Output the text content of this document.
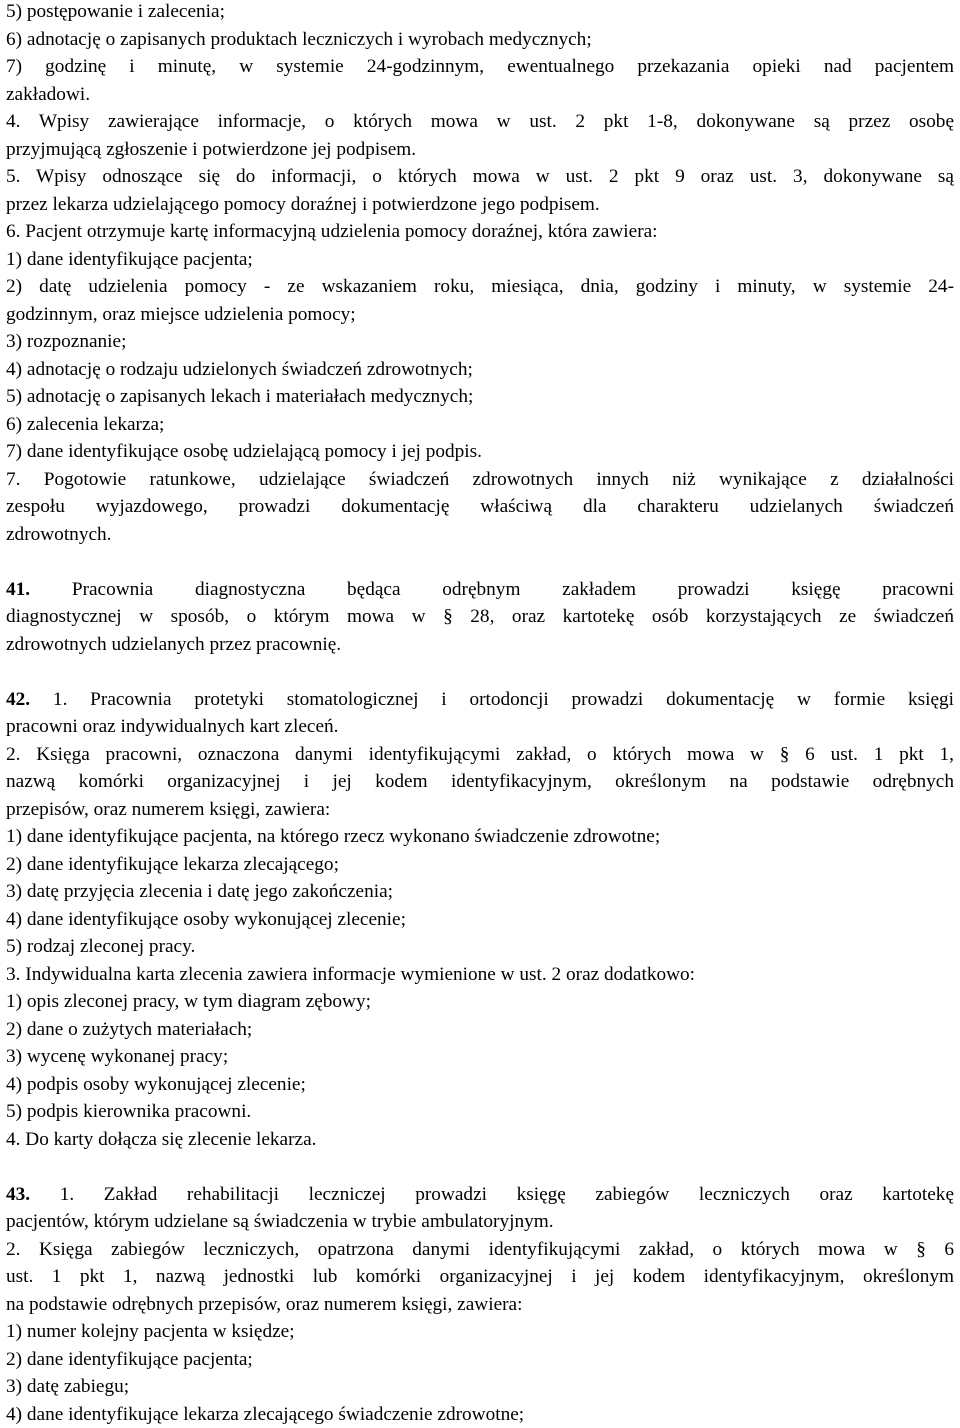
5) postępowanie i zalecenia;

6) adnotację o zapisanych produktach leczniczych i wyrobach medycznych;

7) godzinę i minutę, w systemie 24-godzinnym, ewentualnego przekazania opieki nad pacjentem

zakładowi.

4. Wpisy zawierające informacje, o których mowa w ust. 2 pkt 1-8, dokonywane są przez osobę

przyjmującą zgłoszenie i potwierdzone jej podpisem.

5. Wpisy odnoszące się do informacji, o których mowa w ust. 2 pkt 9 oraz ust. 3, dokonywane są

przez lekarza udzielającego pomocy doraźnej i potwierdzone jego podpisem.

6. Pacjent otrzymuje kartę informacyjną udzielenia pomocy doraźnej, która zawiera:

1) dane identyfikujące pacjenta;

2) datę udzielenia pomocy - ze wskazaniem roku, miesiąca, dnia, godziny i minuty, w systemie 24-

godzinnym, oraz miejsce udzielenia pomocy;

3) rozpoznanie;

4) adnotację o rodzaju udzielonych świadczeń zdrowotnych;

5) adnotację o zapisanych lekach i materiałach medycznych;

6) zalecenia lekarza;

7) dane identyfikujące osobę udzielającą pomocy i jej podpis.

7. Pogotowie ratunkowe, udzielające świadczeń zdrowotnych innych niż wynikające z działalności

zespołu wyjazdowego, prowadzi dokumentację właściwą dla charakteru udzielanych świadczeń

zdrowotnych.

41. Pracownia diagnostyczna będąca odrębnym zakładem prowadzi księgę pracowni

diagnostycznej w sposób, o którym mowa w § 28, oraz kartotekę osób korzystających ze świadczeń

zdrowotnych udzielanych przez pracownię.

42. 1. Pracownia protetyki stomatologicznej i ortodoncji prowadzi dokumentację w formie księgi

pracowni oraz indywidualnych kart zleceń.

2. Księga pracowni, oznaczona danymi identyfikującymi zakład, o których mowa w § 6 ust. 1 pkt 1,

nazwą komórki organizacyjnej i jej kodem identyfikacyjnym, określonym na podstawie odrębnych

przepisów, oraz numerem księgi, zawiera:

1) dane identyfikujące pacjenta, na którego rzecz wykonano świadczenie zdrowotne;

2) dane identyfikujące lekarza zlecającego;

3) datę przyjęcia zlecenia i datę jego zakończenia;

4) dane identyfikujące osoby wykonującej zlecenie;

5) rodzaj zleconej pracy.

3. Indywidualna karta zlecenia zawiera informacje wymienione w ust. 2 oraz dodatkowo:

1) opis zleconej pracy, w tym diagram zębowy;

2) dane o zużytych materiałach;

3) wycenę wykonanej pracy;

4) podpis osoby wykonującej zlecenie;

5) podpis kierownika pracowni.

4. Do karty dołącza się zlecenie lekarza.

43. 1. Zakład rehabilitacji leczniczej prowadzi księgę zabiegów leczniczych oraz kartotekę

pacjentów, którym udzielane są świadczenia w trybie ambulatoryjnym.

2. Księga zabiegów leczniczych, opatrzona danymi identyfikującymi zakład, o których mowa w § 6

ust. 1 pkt 1, nazwą jednostki lub komórki organizacyjnej i jej kodem identyfikacyjnym, określonym

na podstawie odrębnych przepisów, oraz numerem księgi, zawiera:

1) numer kolejny pacjenta w księdze;

2) dane identyfikujące pacjenta;

3) datę zabiegu;

4) dane identyfikujące lekarza zlecającego świadczenie zdrowotne;
